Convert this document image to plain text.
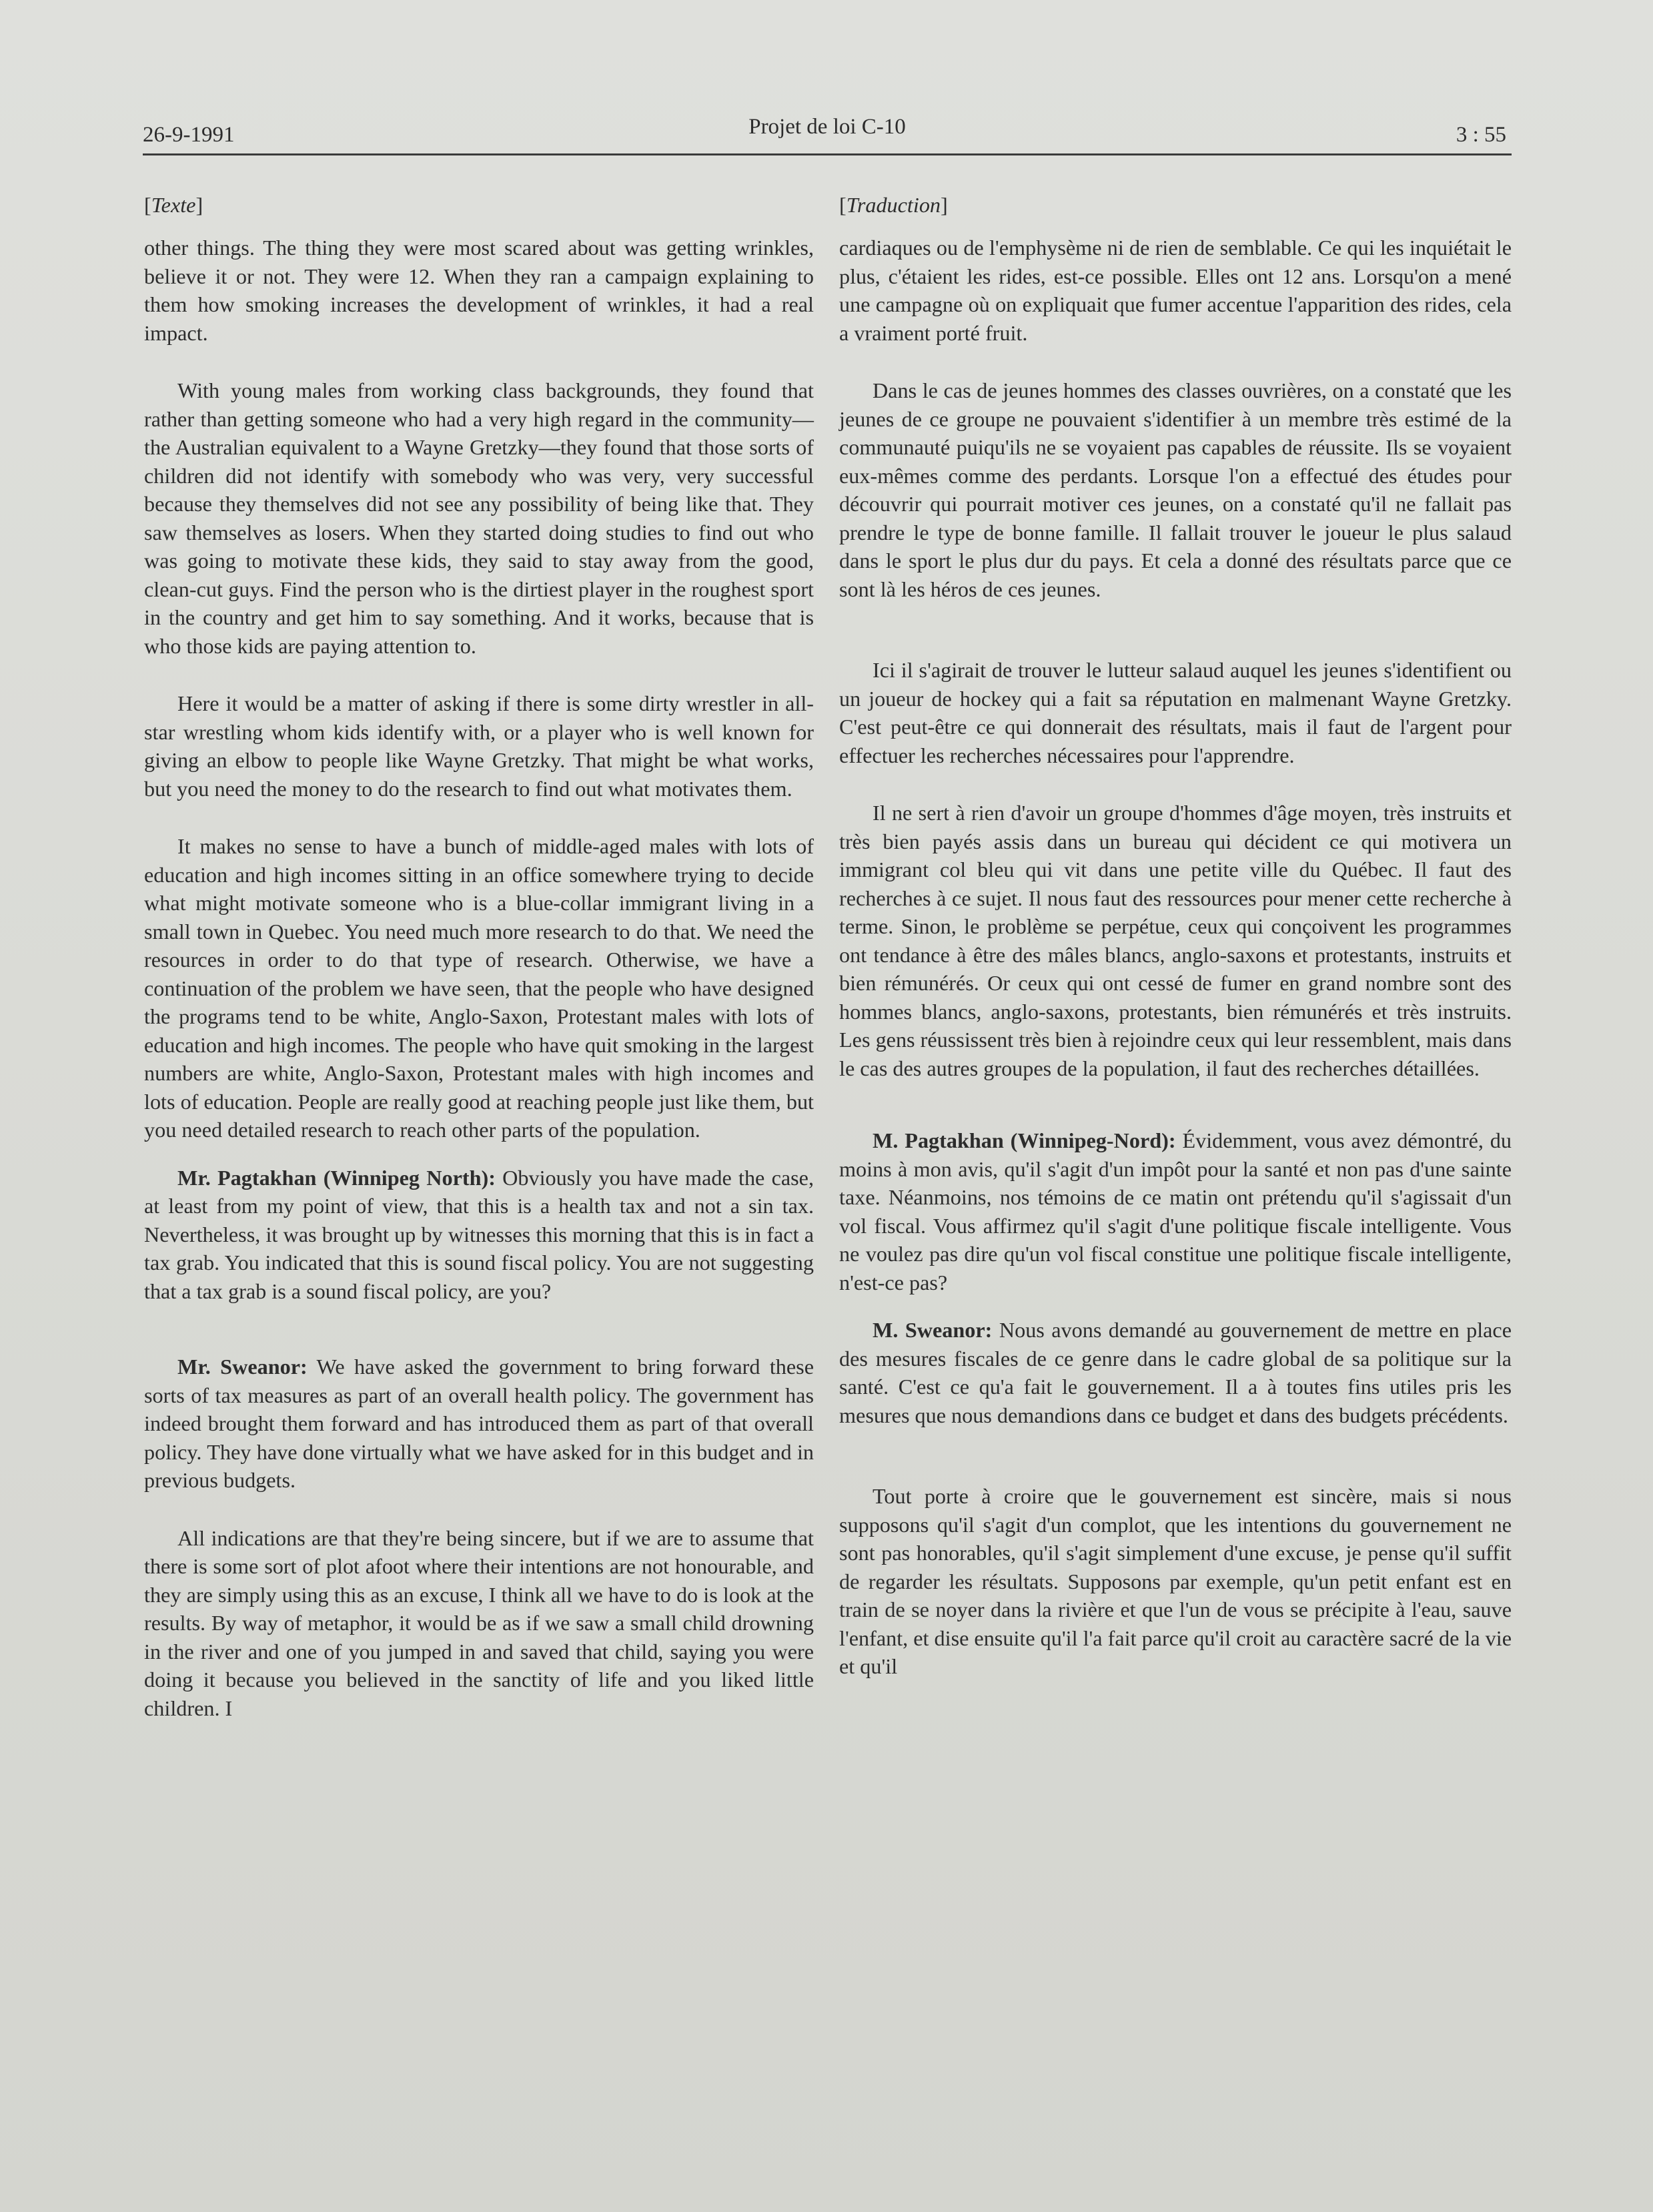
26-9-1991	Projet de loi C-10	3 : 55
[Texte]

other things. The thing they were most scared about was getting wrinkles, believe it or not. They were 12. When they ran a campaign explaining to them how smoking increases the development of wrinkles, it had a real impact.

With young males from working class backgrounds, they found that rather than getting someone who had a very high regard in the community—the Australian equivalent to a Wayne Gretzky—they found that those sorts of children did not identify with somebody who was very, very successful because they themselves did not see any possibility of being like that. They saw themselves as losers. When they started doing studies to find out who was going to motivate these kids, they said to stay away from the good, clean-cut guys. Find the person who is the dirtiest player in the roughest sport in the country and get him to say something. And it works, because that is who those kids are paying attention to.

Here it would be a matter of asking if there is some dirty wrestler in all-star wrestling whom kids identify with, or a player who is well known for giving an elbow to people like Wayne Gretzky. That might be what works, but you need the money to do the research to find out what motivates them.

It makes no sense to have a bunch of middle-aged males with lots of education and high incomes sitting in an office somewhere trying to decide what might motivate someone who is a blue-collar immigrant living in a small town in Quebec. You need much more research to do that. We need the resources in order to do that type of research. Otherwise, we have a continuation of the problem we have seen, that the people who have designed the programs tend to be white, Anglo-Saxon, Protestant males with lots of education and high incomes. The people who have quit smoking in the largest numbers are white, Anglo-Saxon, Protestant males with high incomes and lots of education. People are really good at reaching people just like them, but you need detailed research to reach other parts of the population.

Mr. Pagtakhan (Winnipeg North): Obviously you have made the case, at least from my point of view, that this is a health tax and not a sin tax. Nevertheless, it was brought up by witnesses this morning that this is in fact a tax grab. You indicated that this is sound fiscal policy. You are not suggesting that a tax grab is a sound fiscal policy, are you?

Mr. Sweanor: We have asked the government to bring forward these sorts of tax measures as part of an overall health policy. The government has indeed brought them forward and has introduced them as part of that overall policy. They have done virtually what we have asked for in this budget and in previous budgets.

All indications are that they're being sincere, but if we are to assume that there is some sort of plot afoot where their intentions are not honourable, and they are simply using this as an excuse, I think all we have to do is look at the results. By way of metaphor, it would be as if we saw a small child drowning in the river and one of you jumped in and saved that child, saying you were doing it because you believed in the sanctity of life and you liked little children. I

[Traduction]

cardiaques ou de l'emphysème ni de rien de semblable. Ce qui les inquiétait le plus, c'étaient les rides, est-ce possible. Elles ont 12 ans. Lorsqu'on a mené une campagne où on expliquait que fumer accentue l'apparition des rides, cela a vraiment porté fruit.

Dans le cas de jeunes hommes des classes ouvrières, on a constaté que les jeunes de ce groupe ne pouvaient s'identifier à un membre très estimé de la communauté puiqu'ils ne se voyaient pas capables de réussite. Ils se voyaient eux-mêmes comme des perdants. Lorsque l'on a effectué des études pour découvrir qui pourrait motiver ces jeunes, on a constaté qu'il ne fallait pas prendre le type de bonne famille. Il fallait trouver le joueur le plus salaud dans le sport le plus dur du pays. Et cela a donné des résultats parce que ce sont là les héros de ces jeunes.

Ici il s'agirait de trouver le lutteur salaud auquel les jeunes s'identifient ou un joueur de hockey qui a fait sa réputation en malmenant Wayne Gretzky. C'est peut-être ce qui donnerait des résultats, mais il faut de l'argent pour effectuer les recherches nécessaires pour l'apprendre.

Il ne sert à rien d'avoir un groupe d'hommes d'âge moyen, très instruits et très bien payés assis dans un bureau qui décident ce qui motivera un immigrant col bleu qui vit dans une petite ville du Québec. Il faut des recherches à ce sujet. Il nous faut des ressources pour mener cette recherche à terme. Sinon, le problème se perpétue, ceux qui conçoivent les programmes ont tendance à être des mâles blancs, anglo-saxons et protestants, instruits et bien rémunérés. Or ceux qui ont cessé de fumer en grand nombre sont des hommes blancs, anglo-saxons, protestants, bien rémunérés et très instruits. Les gens réussissent très bien à rejoindre ceux qui leur ressemblent, mais dans le cas des autres groupes de la population, il faut des recherches détaillées.

M. Pagtakhan (Winnipeg-Nord): Évidemment, vous avez démontré, du moins à mon avis, qu'il s'agit d'un impôt pour la santé et non pas d'une sainte taxe. Néanmoins, nos témoins de ce matin ont prétendu qu'il s'agissait d'un vol fiscal. Vous affirmez qu'il s'agit d'une politique fiscale intelligente. Vous ne voulez pas dire qu'un vol fiscal constitue une politique fiscale intelligente, n'est-ce pas?

M. Sweanor: Nous avons demandé au gouvernement de mettre en place des mesures fiscales de ce genre dans le cadre global de sa politique sur la santé. C'est ce qu'a fait le gouvernement. Il a à toutes fins utiles pris les mesures que nous demandions dans ce budget et dans des budgets précédents.

Tout porte à croire que le gouvernement est sincère, mais si nous supposons qu'il s'agit d'un complot, que les intentions du gouvernement ne sont pas honorables, qu'il s'agit simplement d'une excuse, je pense qu'il suffit de regarder les résultats. Supposons par exemple, qu'un petit enfant est en train de se noyer dans la rivière et que l'un de vous se précipite à l'eau, sauve l'enfant, et dise ensuite qu'il l'a fait parce qu'il croit au caractère sacré de la vie et qu'il
